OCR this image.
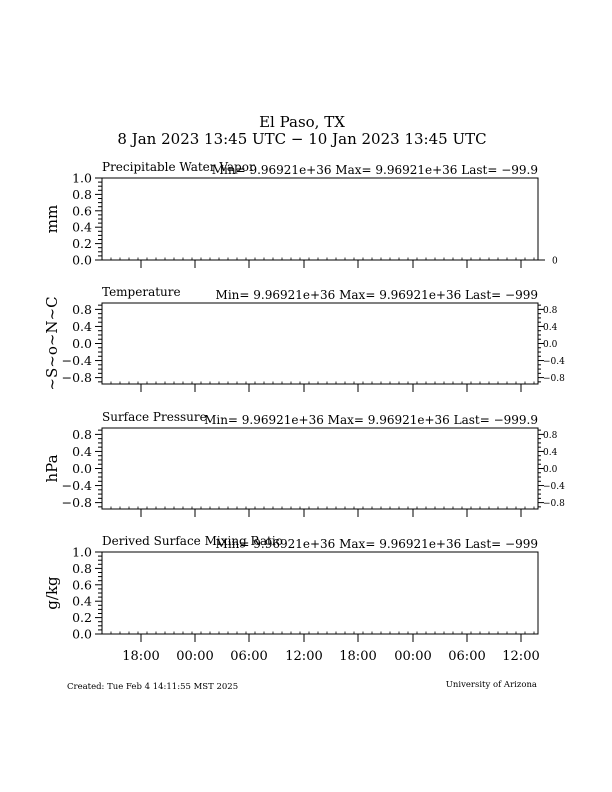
El Paso, TX
8 Jan 2023 13:45 UTC − 10 Jan 2023 13:45 UTC
Precipitable Water Vapor
Min= 9.96921e+36 Max= 9.96921e+36 Last= −99.9
1.0
0.8
0.6
0.4
0.2
0.0
mm
0
Temperature	Min= 9.96921e+36 Max= 9.96921e+36 Last= −999
0.8
0.4
0.0
−0.4
−0.8
~S~o~N~C	0.8
0.4
0.0
−0.4
−0.8
Surface Pressure
Min= 9.96921e+36 Max= 9.96921e+36 Last= −999.9
0.8
0.4
0.0
−0.4
−0.8
hPa
0.8
0.4
0.0
−0.4
−0.8
Derived Surface Mixing Ratio
Min= 9.96921e+36 Max= 9.96921e+36 Last= −999
1.0
0.8
0.6
0.4
0.2
0.0
g/kg
18:00 00:00 06:00 12:00 18:00 00:00 06:00 12:00
Created: Tue Feb 4 14:11:55 MST 2025	University of Arizona
